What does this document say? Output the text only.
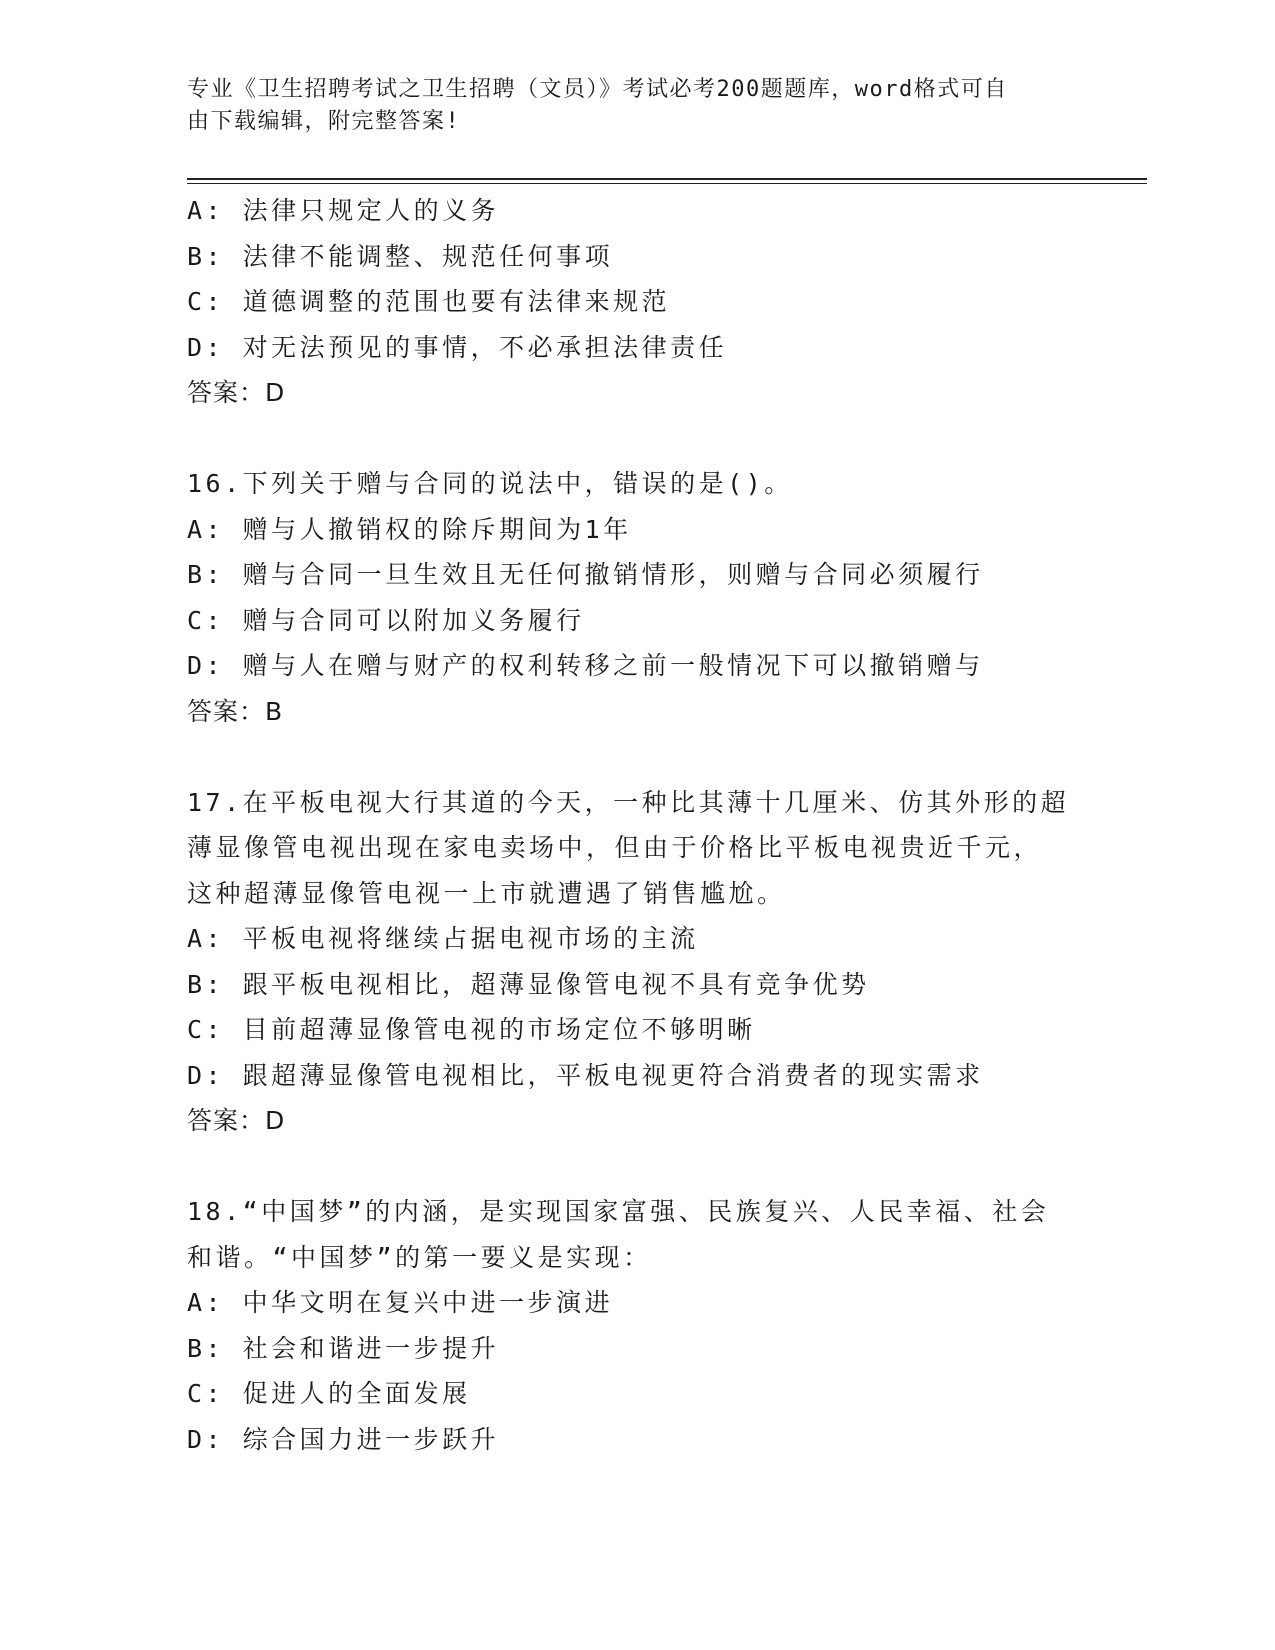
专业《卫生招聘考试之卫生招聘（文员）》考试必考200题题库，word格式可自
由下载编辑，附完整答案!
A: 法律只规定人的义务
B: 法律不能调整、规范任何事项
C: 道德调整的范围也要有法律来规范
D: 对无法预见的事情，不必承担法律责任
答案：D
16.下列关于赠与合同的说法中，错误的是()。
A: 赠与人撤销权的除斥期间为1年
B: 赠与合同一旦生效且无任何撤销情形，则赠与合同必须履行
C: 赠与合同可以附加义务履行
D: 赠与人在赠与财产的权利转移之前一般情况下可以撤销赠与
答案：B
17.在平板电视大行其道的今天，一种比其薄十几厘米、仿其外形的超
薄显像管电视出现在家电卖场中，但由于价格比平板电视贵近千元，
这种超薄显像管电视一上市就遭遇了销售尴尬。
A: 平板电视将继续占据电视市场的主流
B: 跟平板电视相比，超薄显像管电视不具有竞争优势
C: 目前超薄显像管电视的市场定位不够明晰
D: 跟超薄显像管电视相比，平板电视更符合消费者的现实需求
答案：D
18.“中国梦”的内涵，是实现国家富强、民族复兴、人民幸福、社会
和谐。“中国梦”的第一要义是实现：
A: 中华文明在复兴中进一步演进
B: 社会和谐进一步提升
C: 促进人的全面发展
D: 综合国力进一步跃升
